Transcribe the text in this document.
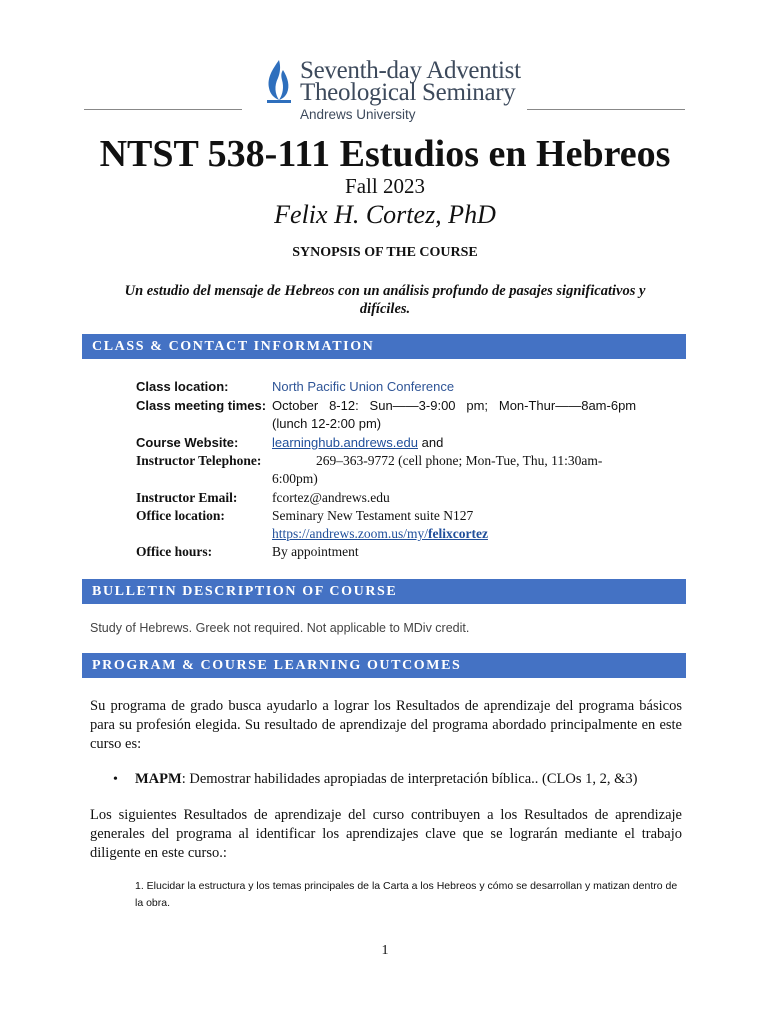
Seventh-day Adventist
Theological Seminary
Andrews University
NTST 538-111 Estudios en Hebreos
Fall 2023
Felix H. Cortez, PhD
SYNOPSIS OF THE COURSE
Un estudio del mensaje de Hebreos con un análisis profundo de pasajes significativos y difíciles.
CLASS & CONTACT INFORMATION
Class location:	North Pacific Union Conference
Class meeting times: October   8-12:   Sun——3-9:00   pm;   Mon-Thur——8am-6pm
(lunch 12-2:00 pm)
Course Website:	learninghub.andrews.edu and
Instructor Telephone:	269–363-9772 (cell phone; Mon-Tue, Thu, 11:30am-
6:00pm)
Instructor Email:	fcortez@andrews.edu
Office location:	Seminary New Testament suite N127
https://andrews.zoom.us/my/felixcortez
Office hours:	By appointment
BULLETIN DESCRIPTION OF COURSE
Study of Hebrews. Greek not required. Not applicable to MDiv credit.
PROGRAM & COURSE LEARNING OUTCOMES
Su programa de grado busca ayudarlo a lograr los Resultados de aprendizaje del programa básicos para su profesión elegida. Su resultado de aprendizaje del programa abordado principalmente en este curso es:
• MAPM: Demostrar habilidades apropiadas de interpretación bíblica.. (CLOs 1, 2, &3)
Los siguientes Resultados de aprendizaje del curso contribuyen a los Resultados de aprendizaje generales del programa al identificar los aprendizajes clave que se lograrán mediante el trabajo diligente en este curso.:
1. Elucidar la estructura y los temas principales de la Carta a los Hebreos y cómo se desarrollan y matizan dentro de la obra.
1
